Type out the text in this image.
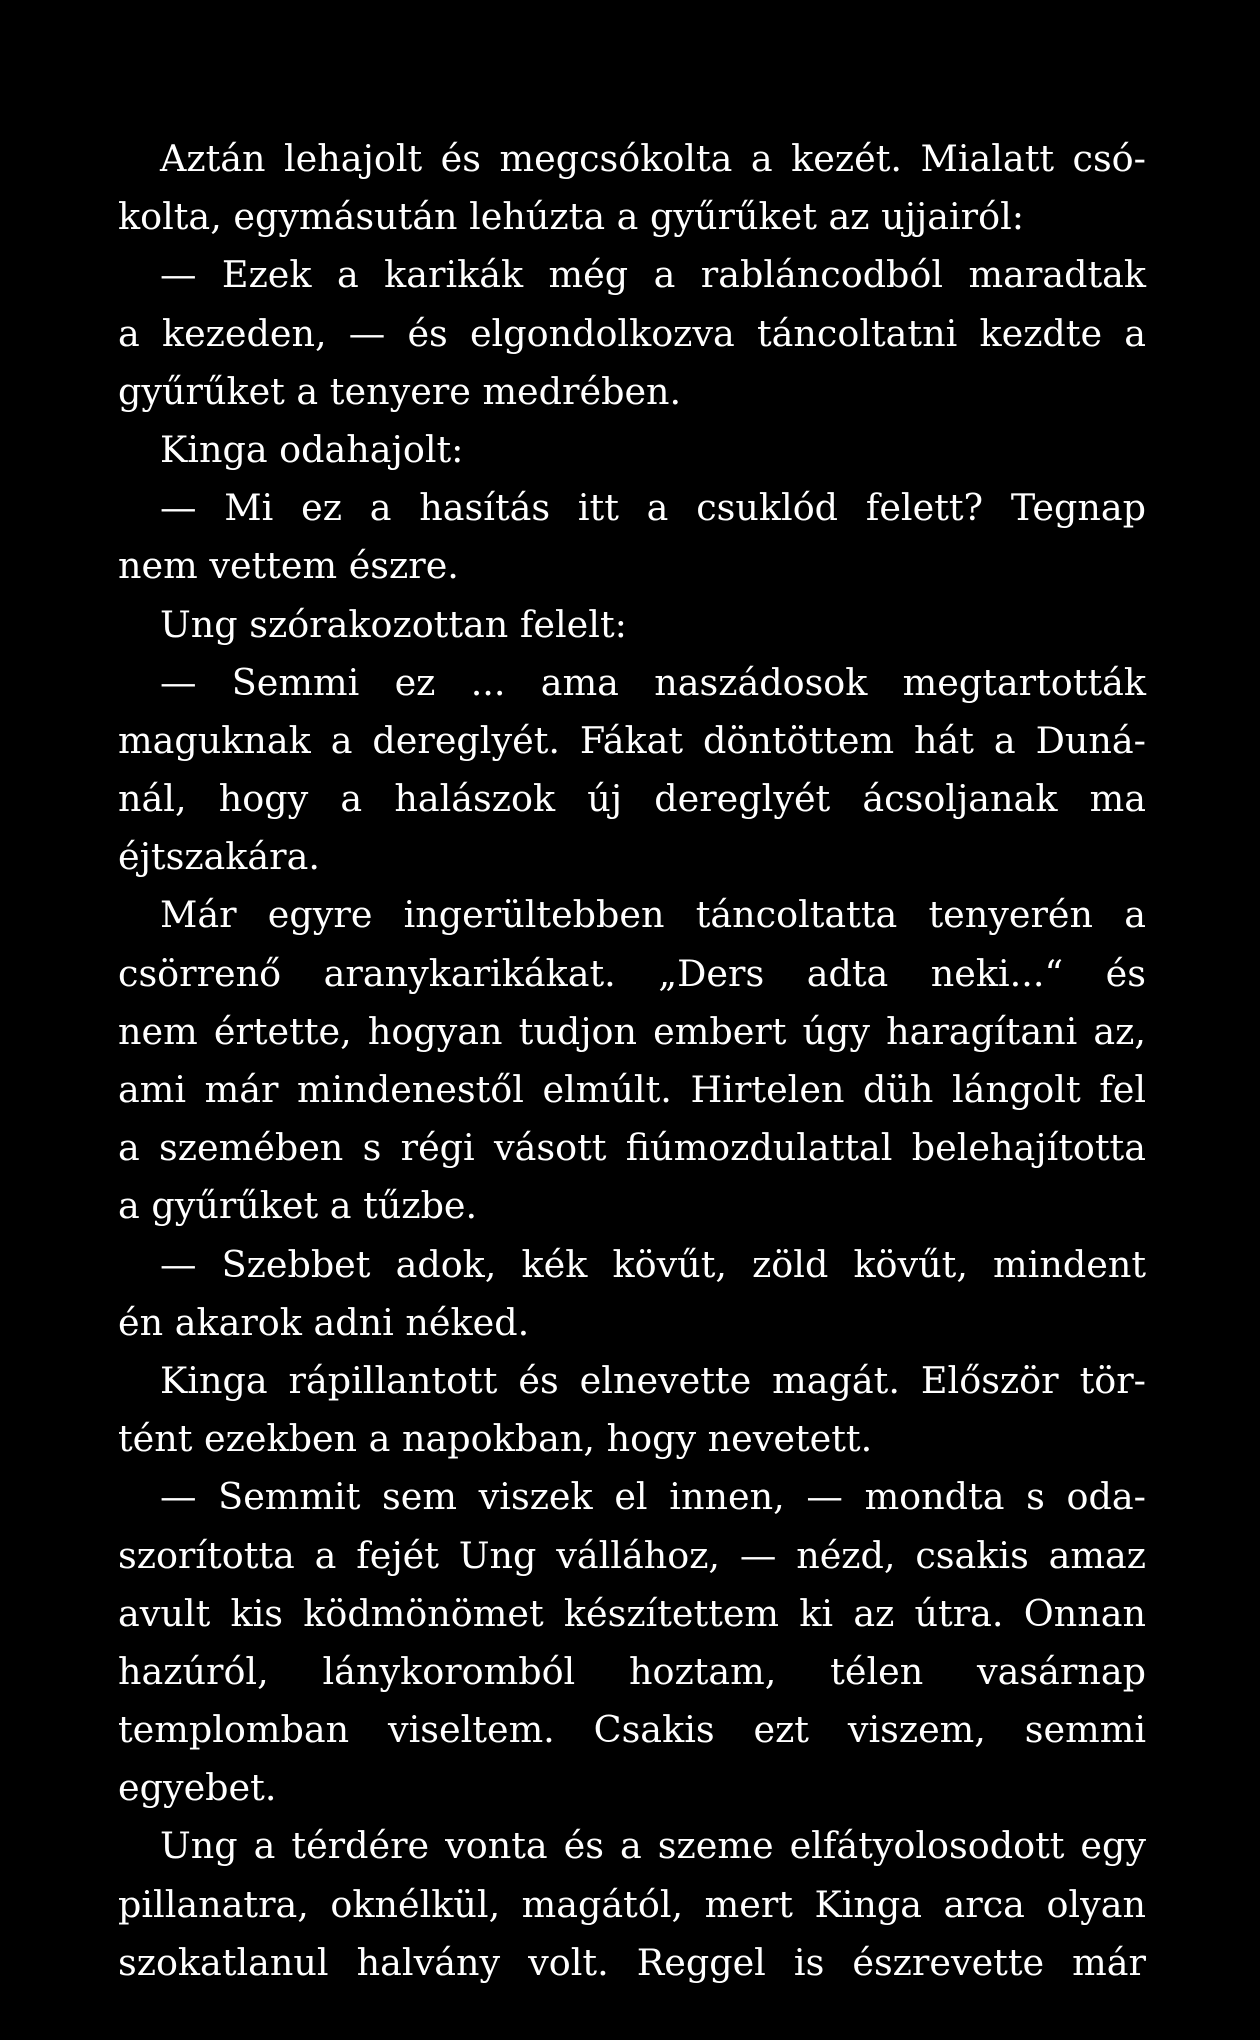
Aztán lehajolt és megcsókolta a kezét. Mialatt csó-
kolta, egymásután lehúzta a gyűrűket az ujjairól:
— Ezek a karikák még a rabláncodból maradtak
a kezeden, — és elgondolkozva táncoltatni kezdte a
gyűrűket a tenyere medrében.
Kinga odahajolt:
— Mi ez a hasítás itt a csuklód felett? Tegnap
nem vettem észre.
Ung szórakozottan felelt:
— Semmi ez ... ama naszádosok megtartották
maguknak a dereglyét. Fákat döntöttem hát a Duná-
nál, hogy a halászok új dereglyét ácsoljanak ma
éjtszakára.
Már egyre ingerültebben táncoltatta tenyerén a
csörrenő aranykarikákat. „Ders adta neki...“ és
nem értette, hogyan tudjon embert úgy haragítani az,
ami már mindenestől elmúlt. Hirtelen düh lángolt fel
a szemében s régi vásott fiúmozdulattal belehajította
a gyűrűket a tűzbe.
— Szebbet adok, kék kövűt, zöld kövűt, mindent
én akarok adni néked.
Kinga rápillantott és elnevette magát. Először tör-
tént ezekben a napokban, hogy nevetett.
— Semmit sem viszek el innen, — mondta s oda-
szorította a fejét Ung vállához, — nézd, csakis amaz
avult kis ködmönömet készítettem ki az útra. Onnan
hazúról, lánykoromból hoztam, télen vasárnap
templomban viseltem. Csakis ezt viszem, semmi
egyebet.
Ung a térdére vonta és a szeme elfátyolosodott egy
pillanatra, oknélkül, magától, mert Kinga arca olyan
szokatlanul halvány volt. Reggel is észrevette már
